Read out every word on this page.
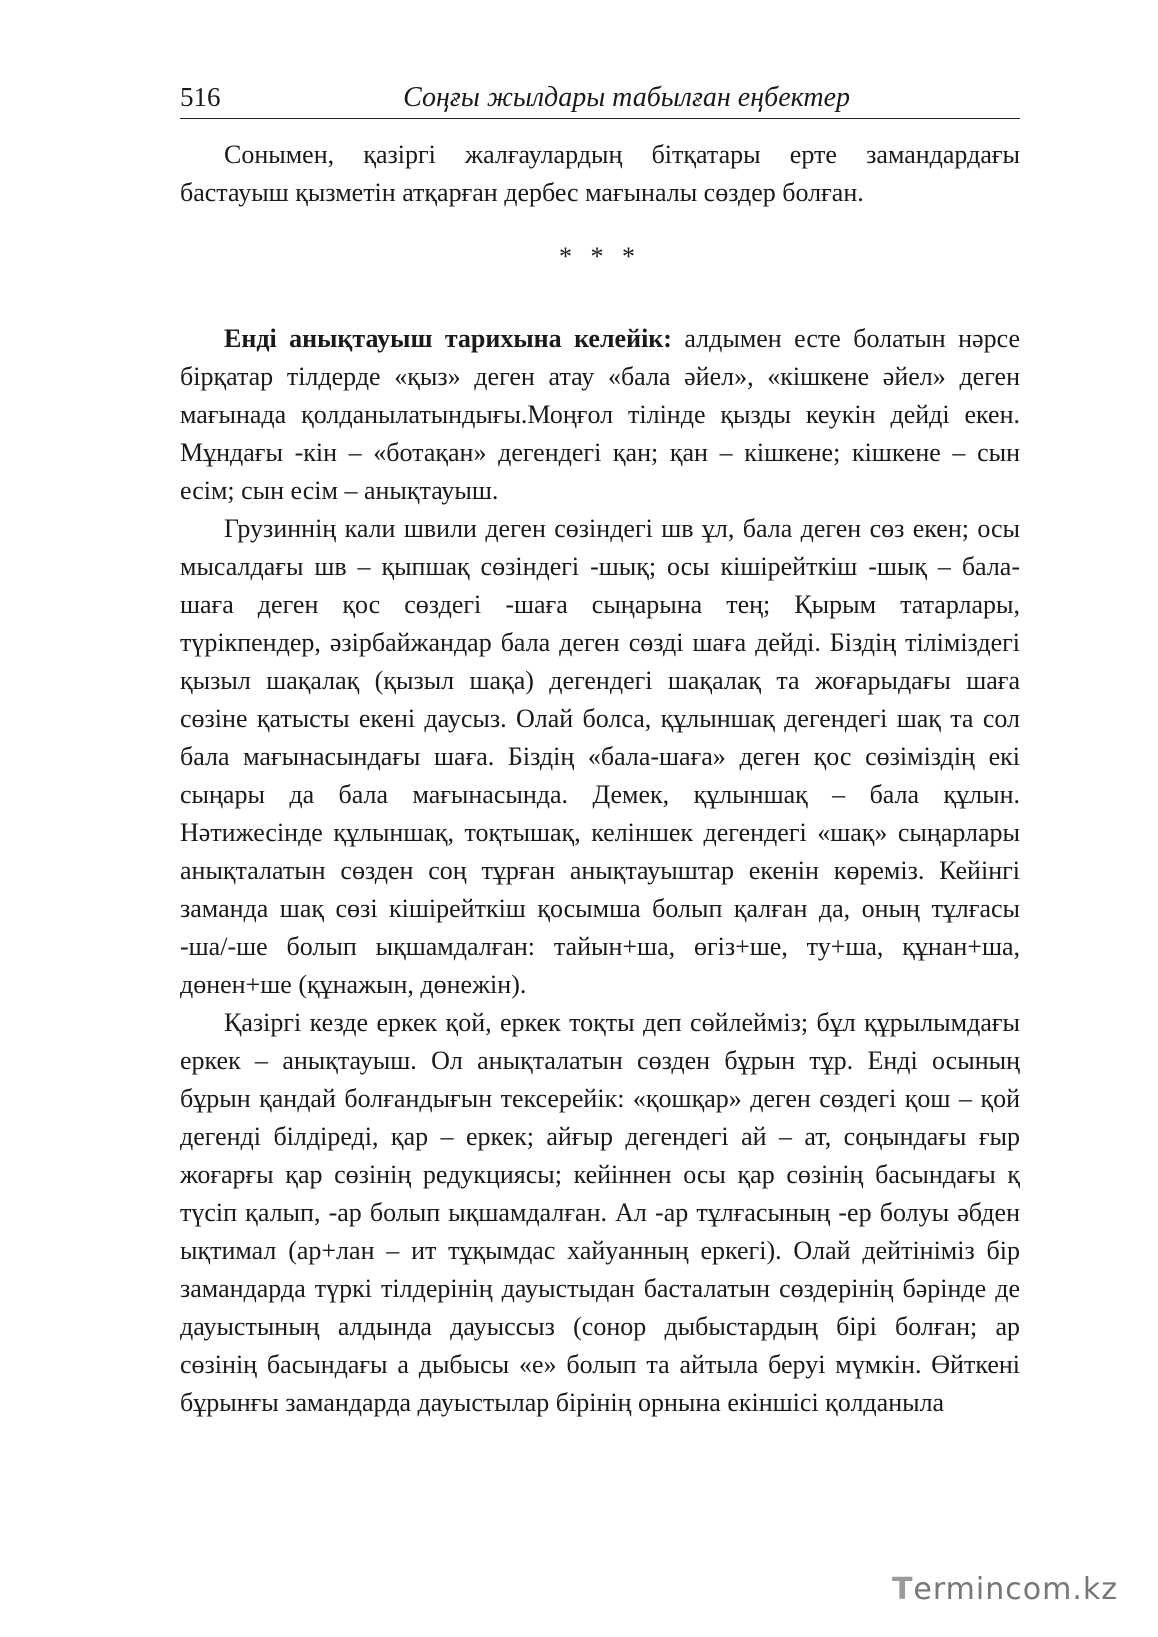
516	Соңғы жылдары табылған еңбектер

Сонымен, қазіргі жалғаулардың бітқатары ерте замандардағы бастауыш қызметін атқарған дербес мағыналы сөздер болған.

* * *

Енді анықтауыш тарихына келейік: алдымен есте болатын нәрсе бірқатар тілдерде «қыз» деген атау «бала әйел», «кішкене әйел» деген мағынада қолданылатындығы.Моңғол тілінде қызды кеукін дейді екен. Мұндағы -кін – «ботақан» дегендегі қан; қан – кішкене; кішкене – сын есім; сын есім – анықтауыш.

Грузиннің кали швили деген сөзіндегі шв ұл, бала деген сөз екен; осы мысалдағы шв – қыпшақ сөзіндегі -шық; осы кішірейткіш -шық – бала-шаға деген қос сөздегі -шаға сыңарына тең; Қырым татарлары, түрікпендер, әзірбайжандар бала деген сөзді шаға дейді. Біздің тіліміздегі қызыл шақалақ (қызыл шақа) дегендегі шақалақ та жоғарыдағы шаға сөзіне қатысты екені даусыз. Олай болса, құлыншақ дегендегі шақ та сол бала мағынасындағы шаға. Біздің «бала-шаға» деген қос сөзіміздің екі сыңары да бала мағынасында. Демек, құлыншақ – бала құлын. Нәтижесінде құлыншақ, тоқтышақ, келіншек дегендегі «шақ» сыңарлары анықталатын сөзден соң тұрған анықтауыштар екенін көреміз. Кейінгі заманда шақ сөзі кішірейткіш қосымша болып қалған да, оның тұлғасы -ша/-ше болып ықшамдалған: тайын+ша, өгіз+ше, ту+ша, құнан+ша, дөнен+ше (құнажын, дөнежін).

Қазіргі кезде еркек қой, еркек тоқты деп сөйлейміз; бұл құрылымдағы еркек – анықтауыш. Ол анықталатын сөзден бұрын тұр. Енді осының бұрын қандай болғандығын тексерейік: «қошқар» деген сөздегі қош – қой дегенді білдіреді, қар – еркек; айғыр дегендегі ай – ат, соңындағы ғыр жоғарғы қар сөзінің редукциясы; кейіннен осы қар сөзінің басындағы қ түсіп қалып, -ар болып ықшамдалған. Ал -ар тұлғасының -ер болуы әбден ықтимал (ар+лан – ит тұқымдас хайуанның еркегі). Олай дейтініміз бір замандарда түркі тілдерінің дауыстыдан басталатын сөздерінің бәрінде де дауыстының алдында дауыссыз (сонор дыбыстардың бірі болған; ар сөзінің басындағы а дыбысы «е» болып та айтыла беруі мүмкін. Өйткені бұрынғы замандарда дауыстылар бірінің орнына екіншісі қолданыла

Termincom.kz
